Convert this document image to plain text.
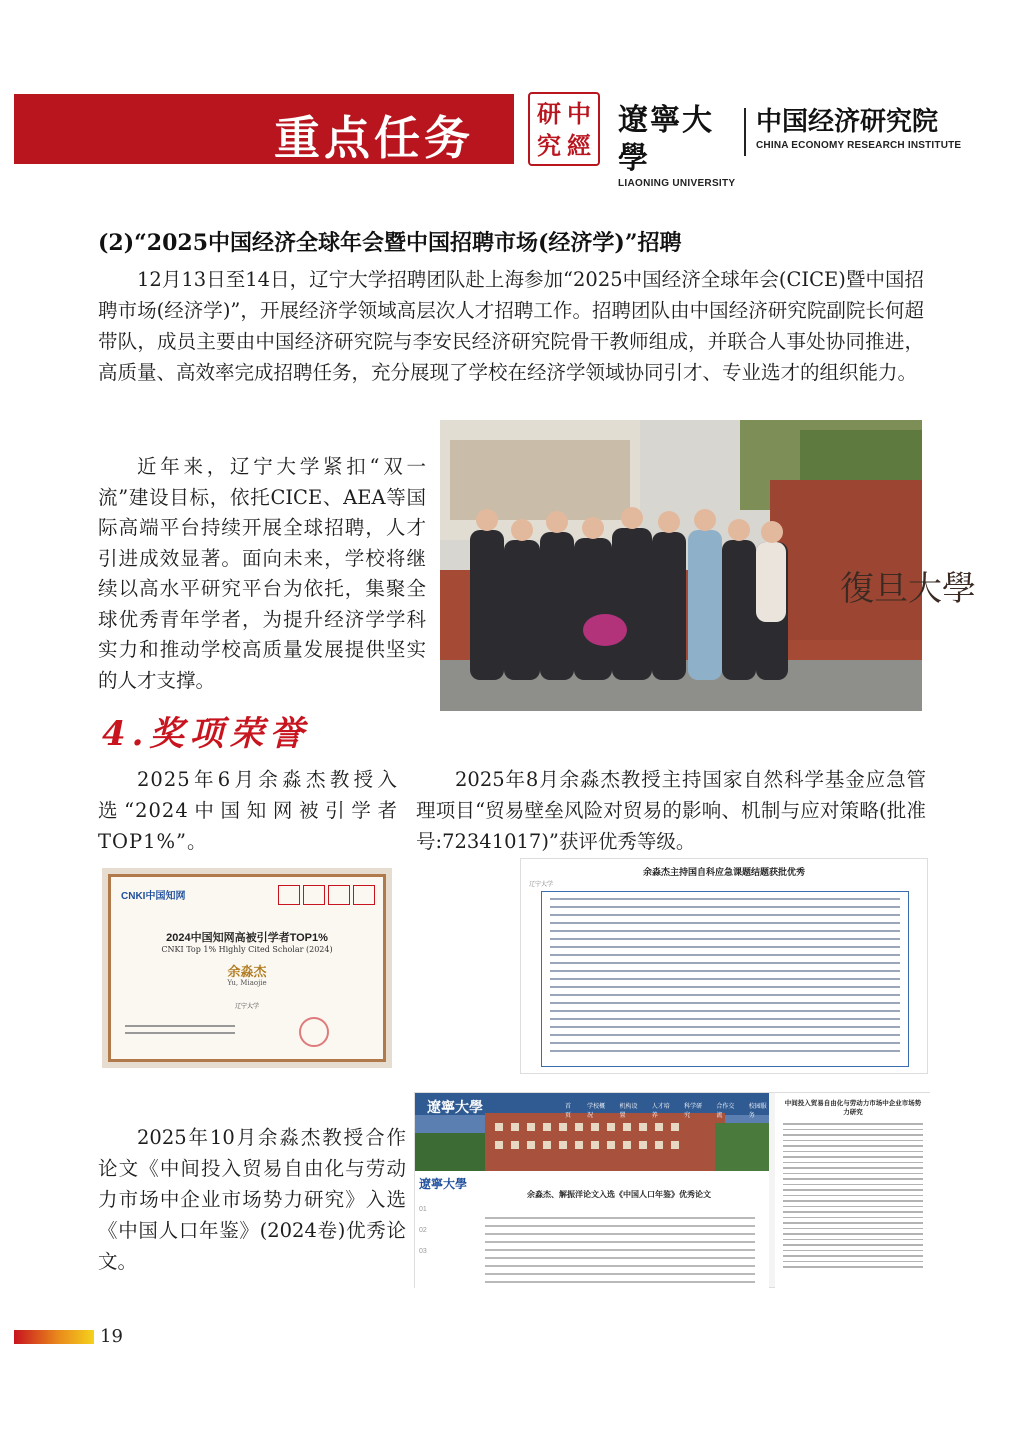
重点任务	研 中
究 經
遼寧大學
LIAONING UNIVERSITY
中国经济研究院
CHINA ECONOMY RESEARCH INSTITUTE
(2)“2025中国经济全球年会暨中国招聘市场(经济学)”招聘
12月13日至14日，辽宁大学招聘团队赴上海参加“2025中国经济全球年会(CICE)暨中国招聘市场(经济学)”，开展经济学领域高层次人才招聘工作。招聘团队由中国经济研究院副院长何超带队，成员主要由中国经济研究院与李安民经济研究院骨干教师组成，并联合人事处协同推进，高质量、高效率完成招聘任务，充分展现了学校在经济学领域协同引才、专业选才的组织能力。
近年来，辽宁大学紧扣“双一流”建设目标，依托CICE、AEA等国际高端平台持续开展全球招聘，人才引进成效显著。面向未来，学校将继续以高水平研究平台为依托，集聚全球优秀青年学者，为提升经济学学科实力和推动学校高质量发展提供坚实的人才支撑。
復旦大學
4.奖项荣誉
2025年6月余淼杰教授入选“2024中国知网被引学者TOP1%”。
2025年8月余淼杰教授主持国家自然科学基金应急管理项目“贸易壁垒风险对贸易的影响、机制与应对策略(批准号:72341017)”获评优秀等级。
2025年10月余淼杰教授合作论文《中间投入贸易自由化与劳动力市场中企业市场势力研究》入选《中国人口年鉴》(2024卷)优秀论文。
CNKI中国知网
2024中国知网高被引学者TOP1%
CNKI Top 1% Highly Cited Scholar (2024)
余淼杰
Yu, Miaojie
辽宁大学
余淼杰主持国自科应急课题结题获批优秀
辽宁大学
遼寧大學	首页
学校概况
机构设置
人才培养
科学研究
合作交流
校园服务
遼寧大學
01
02
03
余淼杰、解振洋论文入选《中国人口年鉴》优秀论文
中间投入贸易自由化与劳动力市场中企业市场势力研究
19
